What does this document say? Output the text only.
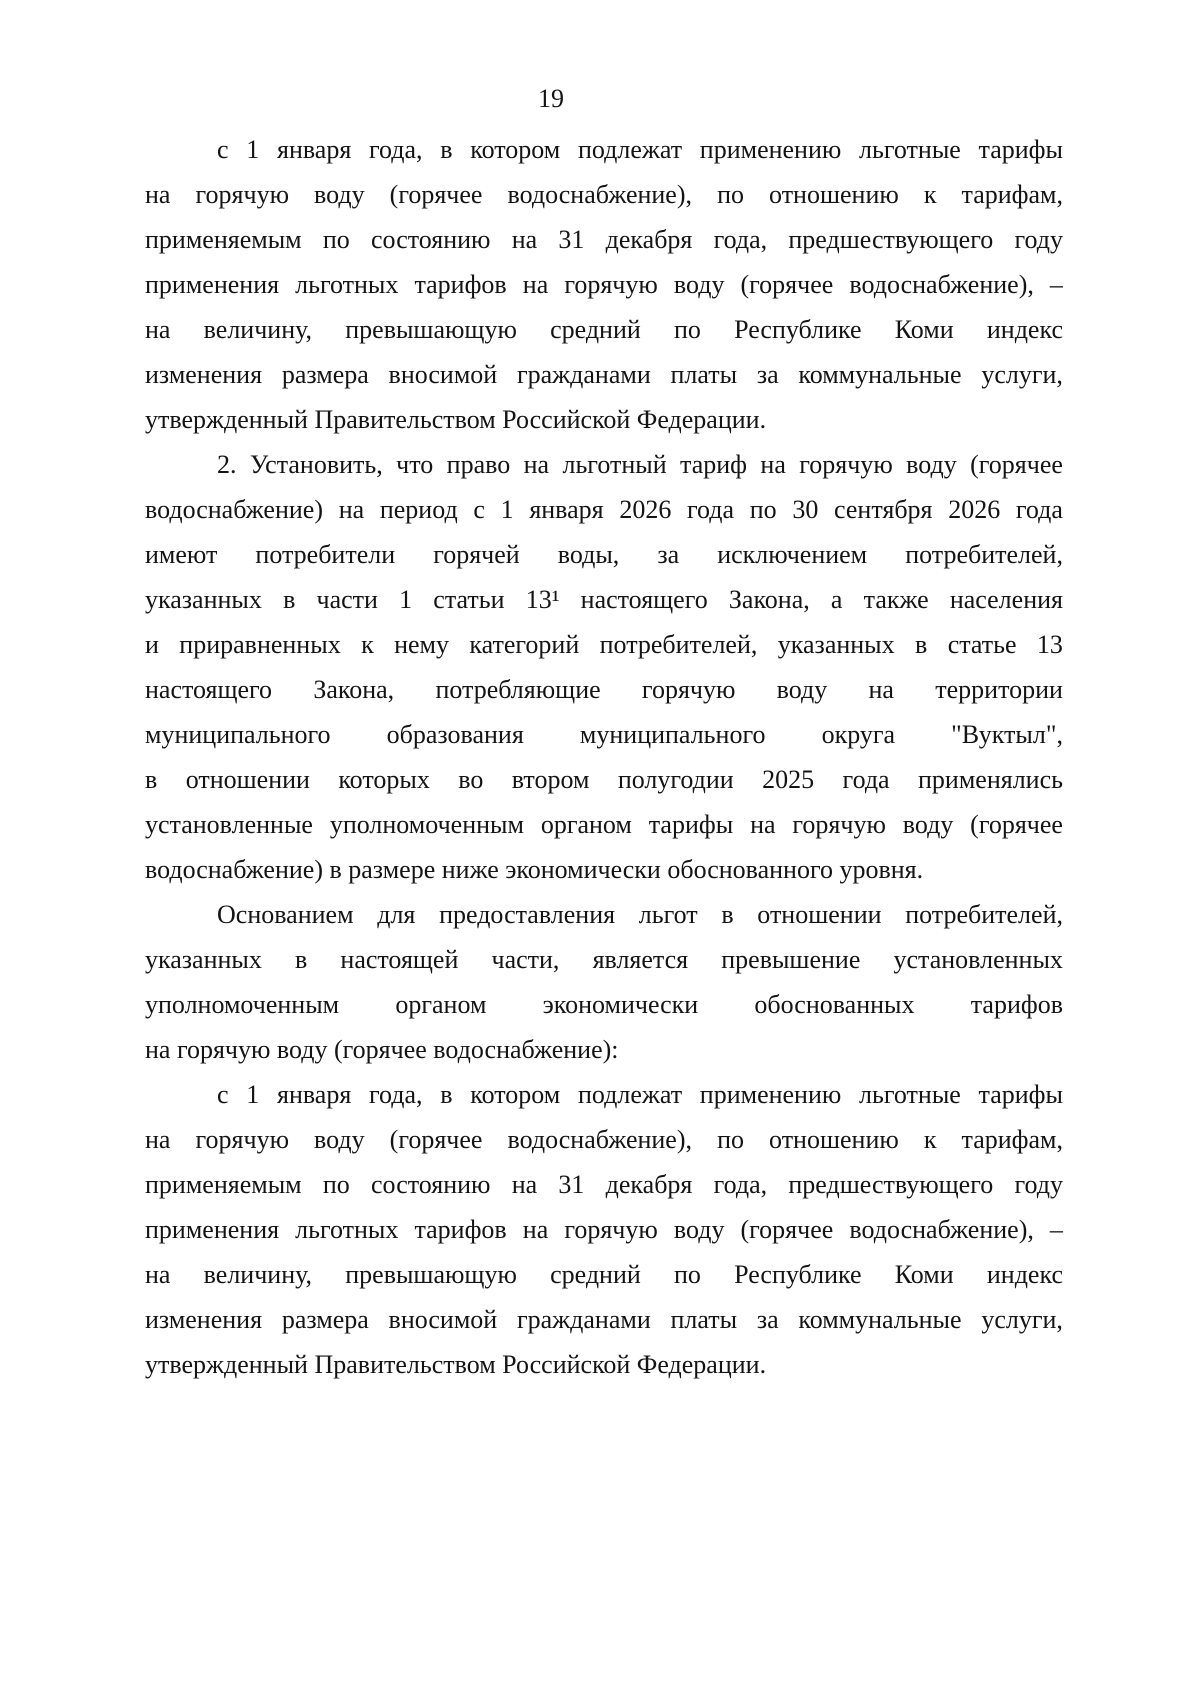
19
с 1 января года, в котором подлежат применению льготные тарифы
на горячую воду (горячее водоснабжение), по отношению к тарифам,
применяемым по состоянию на 31 декабря года, предшествующего году
применения льготных тарифов на горячую воду (горячее водоснабжение), –
на величину, превышающую средний по Республике Коми индекс
изменения размера вносимой гражданами платы за коммунальные услуги,
утвержденный Правительством Российской Федерации.
2. Установить, что право на льготный тариф на горячую воду (горячее
водоснабжение) на период с 1 января 2026 года по 30 сентября 2026 года
имеют потребители горячей воды, за исключением потребителей,
указанных в части 1 статьи 13¹ настоящего Закона, а также населения
и приравненных к нему категорий потребителей, указанных в статье 13
настоящего Закона, потребляющие горячую воду на территории
муниципального образования муниципального округа "Вуктыл",
в отношении которых во втором полугодии 2025 года применялись
установленные уполномоченным органом тарифы на горячую воду (горячее
водоснабжение) в размере ниже экономически обоснованного уровня.
Основанием для предоставления льгот в отношении потребителей,
указанных в настоящей части, является превышение установленных
уполномоченным органом экономически обоснованных тарифов
на горячую воду (горячее водоснабжение):
с 1 января года, в котором подлежат применению льготные тарифы
на горячую воду (горячее водоснабжение), по отношению к тарифам,
применяемым по состоянию на 31 декабря года, предшествующего году
применения льготных тарифов на горячую воду (горячее водоснабжение), –
на величину, превышающую средний по Республике Коми индекс
изменения размера вносимой гражданами платы за коммунальные услуги,
утвержденный Правительством Российской Федерации.
